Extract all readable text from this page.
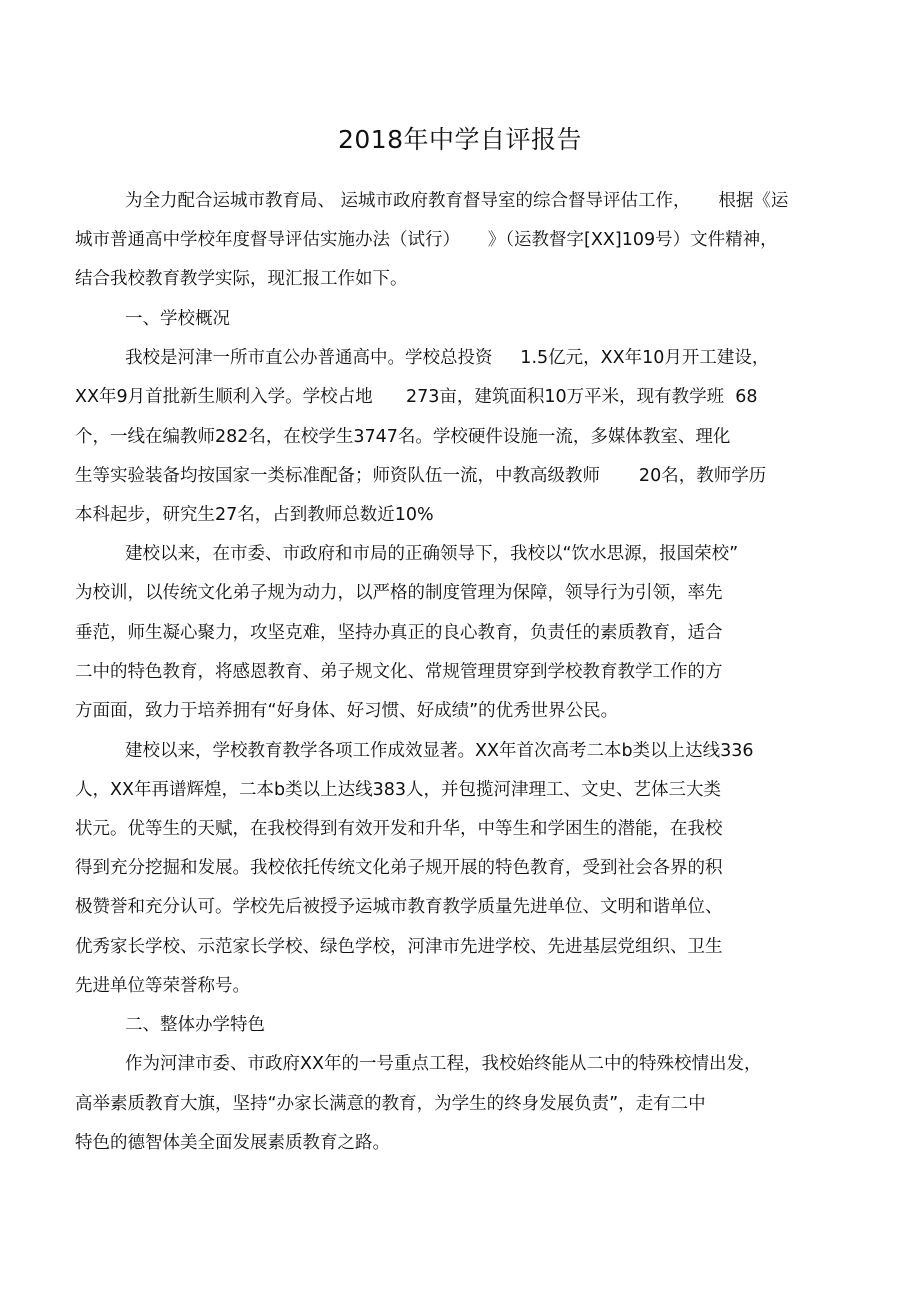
2018年中学自评报告
为全力配合运城市教育局、 运城市政府教育督导室的综合督导评估工作，     根据《运
城市普通高中学校年度督导评估实施办法（试行）     》（运教督字[XX]109号）文件精神，
结合我校教育教学实际，现汇报工作如下。
一、学校概况
我校是河津一所市直公办普通高中。学校总投资     1.5亿元，XX年10月开工建设，
XX年9月首批新生顺利入学。学校占地      273亩，建筑面积10万平米，现有教学班  68
个，一线在编教师282名，在校学生3747名。学校硬件设施一流，多媒体教室、理化
生等实验装备均按国家一类标准配备；师资队伍一流，中教高级教师       20名，教师学历
本科起步，研究生27名，占到教师总数近10%
建校以来，在市委、市政府和市局的正确领导下，我校以“饮水思源，报国荣校”
为校训，以传统文化弟子规为动力，以严格的制度管理为保障，领导行为引领，率先
垂范，师生凝心聚力，攻坚克难，坚持办真正的良心教育，负责任的素质教育，适合
二中的特色教育，将感恩教育、弟子规文化、常规管理贯穿到学校教育教学工作的方
方面面，致力于培养拥有“好身体、好习惯、好成绩”的优秀世界公民。
建校以来，学校教育教学各项工作成效显著。XX年首次高考二本b类以上达线336
人，XX年再谱辉煌，二本b类以上达线383人，并包揽河津理工、文史、艺体三大类
状元。优等生的天赋，在我校得到有效开发和升华，中等生和学困生的潜能，在我校
得到充分挖掘和发展。我校依托传统文化弟子规开展的特色教育，受到社会各界的积
极赞誉和充分认可。学校先后被授予运城市教育教学质量先进单位、文明和谐单位、
优秀家长学校、示范家长学校、绿色学校，河津市先进学校、先进基层党组织、卫生
先进单位等荣誉称号。
二、整体办学特色
作为河津市委、市政府XX年的一号重点工程，我校始终能从二中的特殊校情出发，
高举素质教育大旗，坚持“办家长满意的教育，为学生的终身发展负责”，走有二中
特色的德智体美全面发展素质教育之路。
